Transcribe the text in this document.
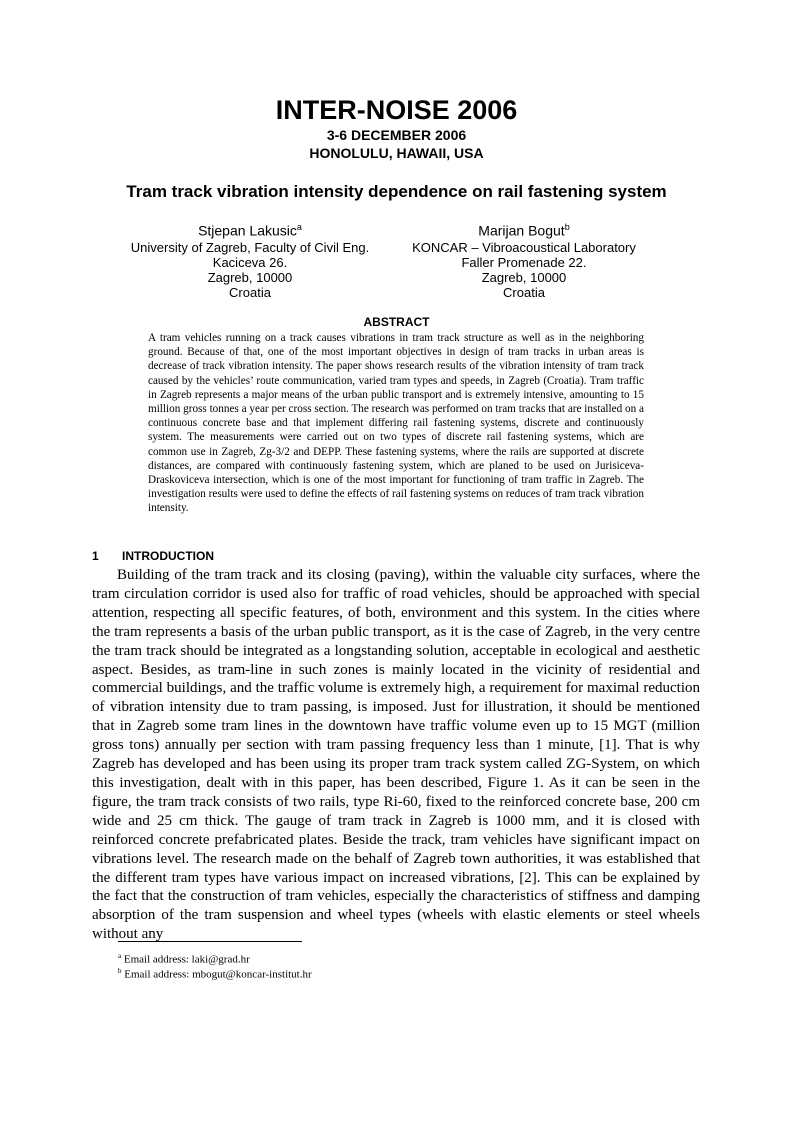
INTER-NOISE 2006
3-6 DECEMBER 2006
HONOLULU, HAWAII, USA
Tram track vibration intensity dependence on rail fastening system
Stjepan Lakusic$^a$
University of Zagreb, Faculty of Civil Eng.
Kaciceva 26.
Zagreb, 10000
Croatia
Marijan Bogut$^b$
KONCAR – Vibroacoustical Laboratory
Faller Promenade 22.
Zagreb, 10000
Croatia
ABSTRACT
A tram vehicles running on a track causes vibrations in tram track structure as well as in the neighboring ground. Because of that, one of the most important objectives in design of tram tracks in urban areas is decrease of track vibration intensity. The paper shows research results of the vibration intensity of tram track caused by the vehicles’ route communication, varied tram types and speeds, in Zagreb (Croatia). Tram traffic in Zagreb represents a major means of the urban public transport and is extremely intensive, amounting to 15 million gross tonnes a year per cross section. The research was performed on tram tracks that are installed on a continuous concrete base and that implement differing rail fastening systems, discrete and continuously system. The measurements were carried out on two types of discrete rail fastening systems, which are common use in Zagreb, Zg-3/2 and DEPP. These fastening systems, where the rails are supported at discrete distances, are compared with continuously fastening system, which are planed to be used on Jurisiceva-Draskoviceva intersection, which is one of the most important for functioning of tram traffic in Zagreb. The investigation results were used to define the effects of rail fastening systems on reduces of tram track vibration intensity.
1 INTRODUCTION
Building of the tram track and its closing (paving), within the valuable city surfaces, where the tram circulation corridor is used also for traffic of road vehicles, should be approached with special attention, respecting all specific features, of both, environment and this system. In the cities where the tram represents a basis of the urban public transport, as it is the case of Zagreb, in the very centre the tram track should be integrated as a longstanding solution, acceptable in ecological and aesthetic aspect. Besides, as tram-line in such zones is mainly located in the vicinity of residential and commercial buildings, and the traffic volume is extremely high, a requirement for maximal reduction of vibration intensity due to tram passing, is imposed. Just for illustration, it should be mentioned that in Zagreb some tram lines in the downtown have traffic volume even up to 15 MGT (million gross tons) annually per section with tram passing frequency less than 1 minute, [1]. That is why Zagreb has developed and has been using its proper tram track system called ZG-System, on which this investigation, dealt with in this paper, has been described, Figure 1. As it can be seen in the figure, the tram track consists of two rails, type Ri-60, fixed to the reinforced concrete base, 200 cm wide and 25 cm thick. The gauge of tram track in Zagreb is 1000 mm, and it is closed with reinforced concrete prefabricated plates. Beside the track, tram vehicles have significant impact on vibrations level. The research made on the behalf of Zagreb town authorities, it was established that the different tram types have various impact on increased vibrations, [2]. This can be explained by the fact that the construction of tram vehicles, especially the characteristics of stiffness and damping absorption of the tram suspension and wheel types (wheels with elastic elements or steel wheels without any
$^a$ Email address: laki@grad.hr
$^b$ Email address: mbogut@koncar-institut.hr
